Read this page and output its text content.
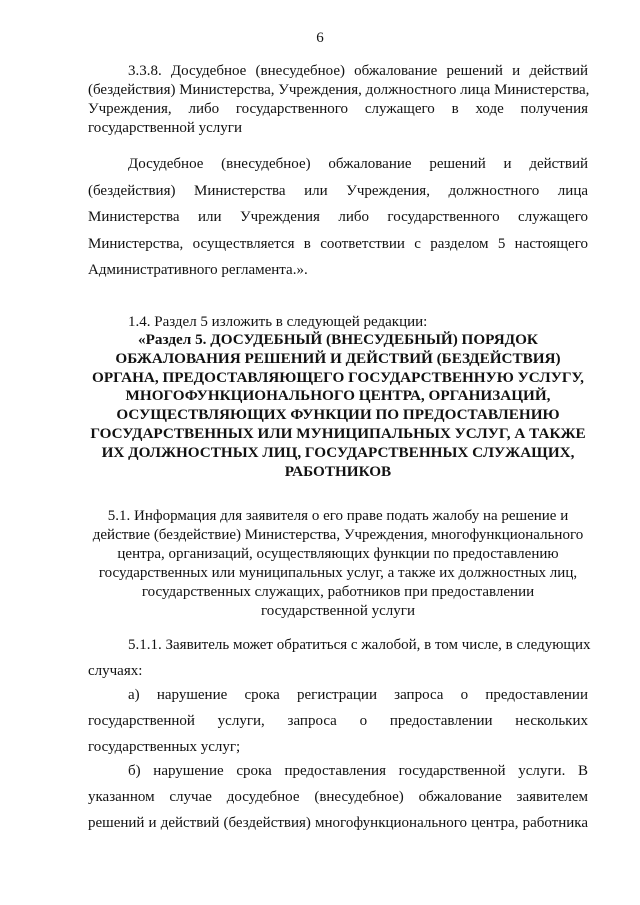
6
3.3.8. Досудебное (внесудебное) обжалование решений и действий
(бездействия) Министерства, Учреждения, должностного лица Министерства,
Учреждения, либо государственного служащего в ходе получения
государственной услуги
Досудебное (внесудебное) обжалование решений и действий
(бездействия) Министерства или Учреждения, должностного лица
Министерства или Учреждения либо государственного служащего
Министерства, осуществляется в соответствии с разделом 5 настоящего
Административного регламента.».
1.4. Раздел 5 изложить в следующей редакции:
«Раздел 5. ДОСУДЕБНЫЙ (ВНЕСУДЕБНЫЙ) ПОРЯДОК
ОБЖАЛОВАНИЯ РЕШЕНИЙ И ДЕЙСТВИЙ (БЕЗДЕЙСТВИЯ)
ОРГАНА, ПРЕДОСТАВЛЯЮЩЕГО ГОСУДАРСТВЕННУЮ УСЛУГУ,
МНОГОФУНКЦИОНАЛЬНОГО ЦЕНТРА, ОРГАНИЗАЦИЙ,
ОСУЩЕСТВЛЯЮЩИХ ФУНКЦИИ ПО ПРЕДОСТАВЛЕНИЮ
ГОСУДАРСТВЕННЫХ ИЛИ МУНИЦИПАЛЬНЫХ УСЛУГ, А ТАКЖЕ
ИХ ДОЛЖНОСТНЫХ ЛИЦ, ГОСУДАРСТВЕННЫХ СЛУЖАЩИХ,
РАБОТНИКОВ
5.1. Информация для заявителя о его праве подать жалобу на решение и
действие (бездействие) Министерства, Учреждения, многофункционального
центра, организаций, осуществляющих функции по предоставлению
государственных или муниципальных услуг, а также их должностных лиц,
государственных служащих, работников при предоставлении
государственной услуги
5.1.1. Заявитель может обратиться с жалобой, в том числе, в следующих
случаях:
а) нарушение срока регистрации запроса о предоставлении
государственной услуги, запроса о предоставлении нескольких
государственных услуг;
б) нарушение срока предоставления государственной услуги. В
указанном случае досудебное (внесудебное) обжалование заявителем
решений и действий (бездействия) многофункционального центра, работника
